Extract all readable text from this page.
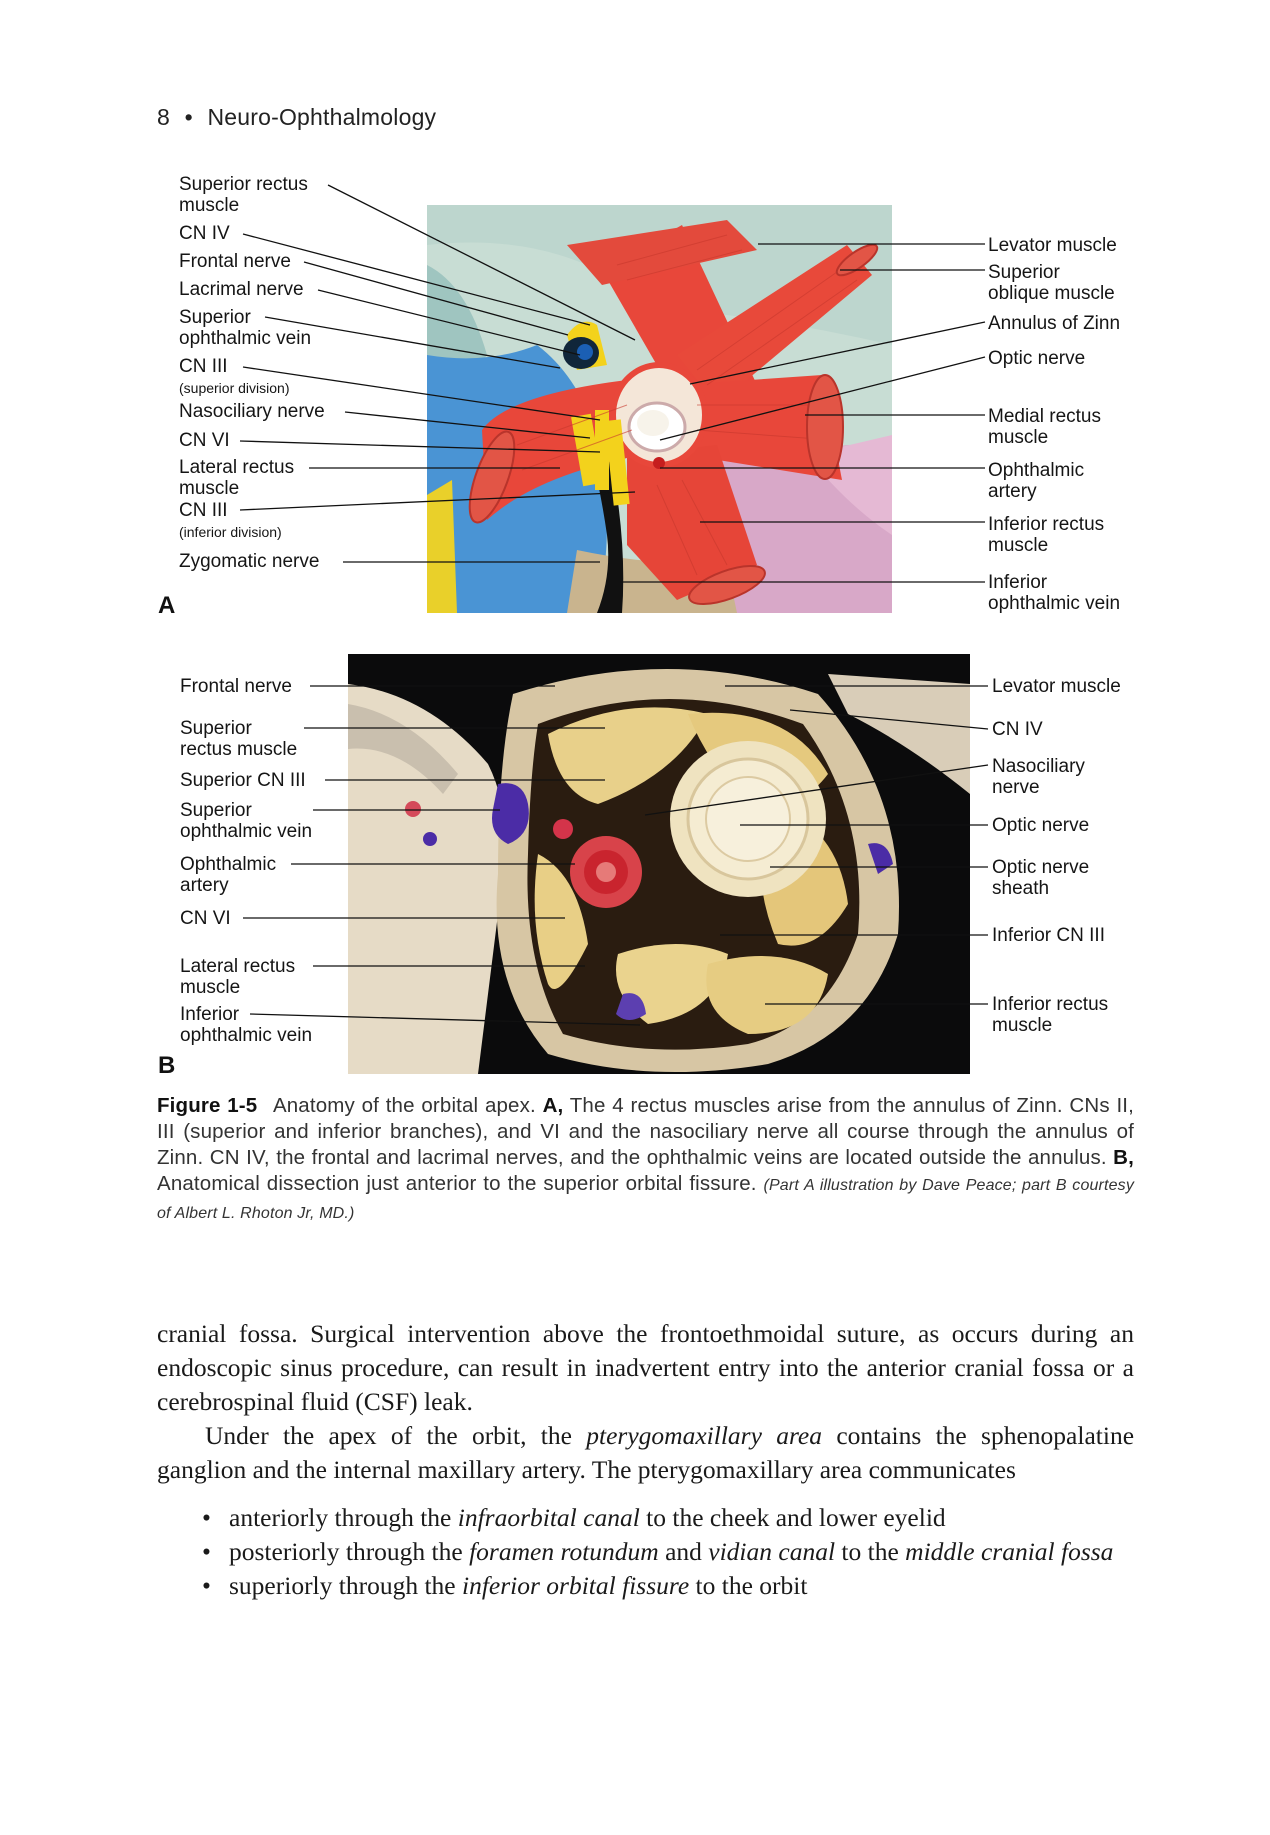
8 • Neuro-Ophthalmology
A
B
Superior rectus
muscle
CN IV
Frontal nerve
Lacrimal nerve
Superior
ophthalmic vein
CN III
(superior division)
Nasociliary nerve
CN VI
Lateral rectus
muscle
CN III
(inferior division)
Zygomatic nerve
Levator muscle
Superior
oblique muscle
Annulus of Zinn
Optic nerve
Medial rectus
muscle
Ophthalmic
artery
Inferior rectus
muscle
Inferior
ophthalmic vein
Frontal nerve
Superior
rectus muscle
Superior CN III
Superior
ophthalmic vein
Ophthalmic
artery
CN VI
Lateral rectus
muscle
Inferior
ophthalmic vein
Levator muscle
CN IV
Nasociliary
nerve
Optic nerve
Optic nerve
sheath
Inferior CN III
Inferior rectus
muscle
Figure 1-5 Anatomy of the orbital apex. A, The 4 rectus muscles arise from the annulus of Zinn. CNs II, III (superior and inferior branches), and VI and the nasociliary nerve all course through the annulus of Zinn. CN IV, the frontal and lacrimal nerves, and the ophthalmic veins are located outside the annulus. B, Anatomical dissection just anterior to the superior orbital fissure. (Part A illustration by Dave Peace; part B courtesy of Albert L. Rhoton Jr, MD.)

cranial fossa. Surgical intervention above the frontoethmoidal suture, as occurs during an endoscopic sinus procedure, can result in inadvertent entry into the anterior cranial fossa or a cerebrospinal fluid (CSF) leak.

Under the apex of the orbit, the pterygomaxillary area contains the sphenopalatine ganglion and the internal maxillary artery. The pterygomaxillary area communicates

• anteriorly through the infraorbital canal to the cheek and lower eyelid
• posteriorly through the foramen rotundum and vidian canal to the middle cranial fossa
• superiorly through the inferior orbital fissure to the orbit
